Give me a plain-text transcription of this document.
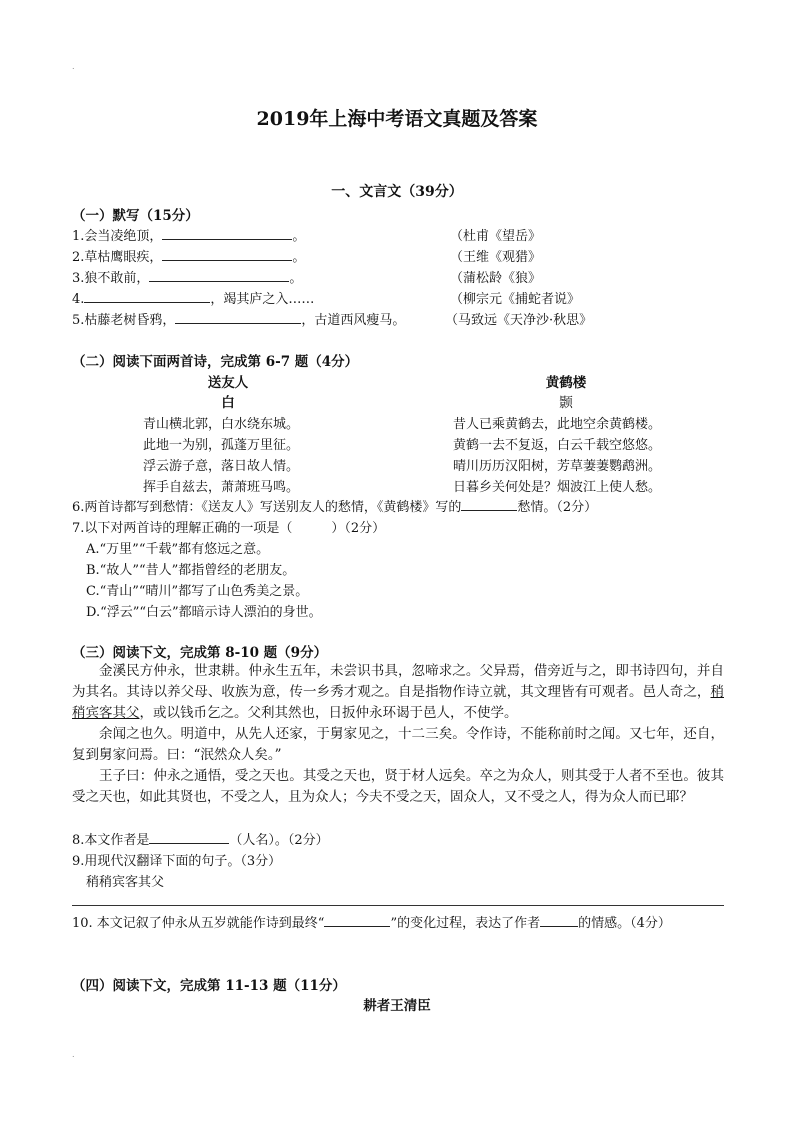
.
2019年上海中考语文真题及答案
一、文言文（39分）
（一）默写（15分）
1.会当凌绝顶，	。	（杜甫《望岳》
2.草枯鹰眼疾，	。	（王维《观猎》
3.狼不敢前，	。	（蒲松龄《狼》
4.	，竭其庐之入……	（柳宗元《捕蛇者说》
5.枯藤老树昏鸦，	，古道西风瘦马。	（马致远《天净沙·秋思》
（二）阅读下面两首诗，完成第 6-7 题（4分）
送友人	黄鹤楼
白	颢
青山横北郭，白水绕东城。
此地一为别，孤蓬万里征。
浮云游子意，落日故人情。
挥手自兹去，萧萧班马鸣。
昔人已乘黄鹤去，此地空余黄鹤楼。
黄鹤一去不复返，白云千载空悠悠。
晴川历历汉阳树，芳草萋萋鹦鹉洲。
日暮乡关何处是？烟波江上使人愁。
6.两首诗都写到愁情：《送友人》写送别友人的愁情，《黄鹤楼》写的	愁情。（2分）
7.以下对两首诗的理解正确的一项是（　　　）（2分）
A.“万里”“千载”都有悠远之意。
B.“故人”“昔人”都指曾经的老朋友。
C.“青山”“晴川”都写了山色秀美之景。
D.“浮云”“白云”都暗示诗人漂泊的身世。
（三）阅读下文，完成第 8-10 题（9分）

金溪民方仲永，世隶耕。仲永生五年，未尝识书具，忽啼求之。父异焉，借旁近与之，即书诗四句，并自为其名。其诗以养父母、收族为意，传一乡秀才观之。自是指物作诗立就，其文理皆有可观者。邑人奇之，稍稍宾客其父，或以钱币乞之。父利其然也，日扳仲永环谒于邑人，不使学。

余闻之也久。明道中，从先人还家，于舅家见之，十二三矣。令作诗，不能称前时之闻。又七年，还自，复到舅家问焉。曰：“泯然众人矣。”

王子曰：仲永之通悟，受之天也。其受之天也，贤于材人远矣。卒之为众人，则其受于人者不至也。彼其受之天也，如此其贤也，不受之人，且为众人；今夫不受之天，固众人，又不受之人，得为众人而已耶？

8.本文作者是	（人名）。（2分）
9.用现代汉翻译下面的句子。（3分）
稍稍宾客其父
10. 本文记叙了仲永从五岁就能作诗到最终“	”的变化过程，表达了作者	的情感。（4分）
（四）阅读下文，完成第 11-13 题（11分）
耕者王清臣
.
